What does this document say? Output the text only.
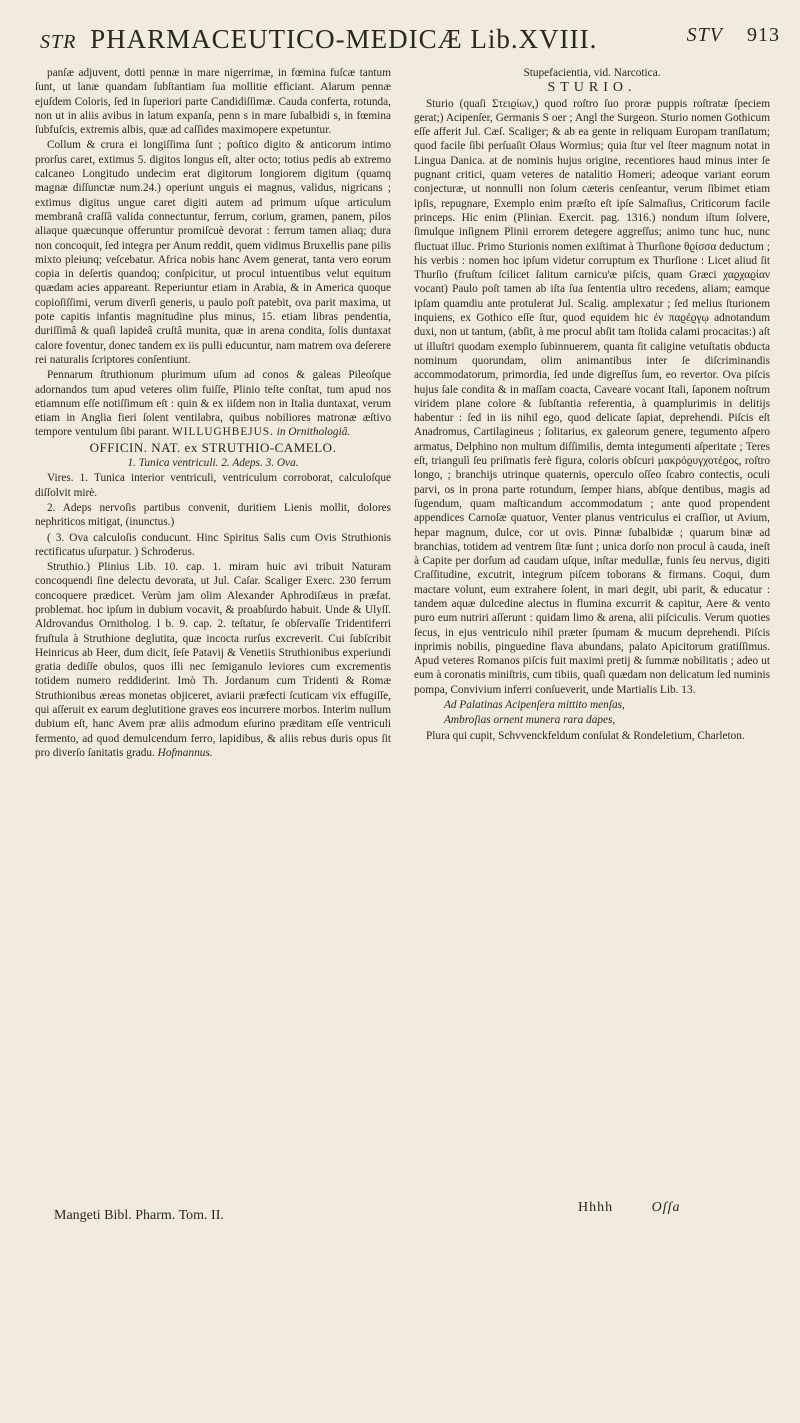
STR PHARMACEUTICO-MEDICÆ Lib.XVIII.	STV 913

panſæ adjuvent, dotti pennæ in mare nigerrimæ, in fœmina fuſcæ tantum ſunt, ut lanæ quandam ſubſtantiam ſua mollitie efficiant. Alarum pennæ ejuſdem Coloris, ſed in ſuperiori parte Candidiſſimæ. Cauda conferta, rotunda, non ut in aliis avibus in latum expanſa, penn s in mare ſubalbidi s, in fœmina ſubfuſcis, extremis albis, quæ ad caſſides maximopere expetuntur.

Collum & crura ei longiſſima ſunt ; poſtico digito & anticorum intimo prorſus caret, extimus 5. digitos longus eſt, alter octo; totius pedis ab extremo calcaneo Longitudo undecim erat digitorum longiorem digitum (quamq magnæ diſſunctæ num.24.) operiunt unguis ei magnus, validus, nigricans ; extimus digitus ungue caret digiti autem ad primum uſque articulum membranâ craſſâ valida connectuntur, ferrum, corium, gramen, panem, pilos aliaque quæcunque offeruntur promiſcuè devorat : ferrum tamen aliaq; dura non concoquit, ſed integra per Anum reddit, quem vidimus Bruxellis pane pilis mixto pleiunq; veſcebatur. Africa nobis hanc Avem generat, tanta vero eorum copia in deſertis quandoq; conſpicitur, ut procul intuentibus velut equitum quædam acies appareant. Reperiuntur etiam in Arabia, & in America quoque copioſiſſimi, verum diverſi generis, u paulo poſt patebit, ova parit maxima, ut pote capitis infantis magnitudine plus minus, 15. etiam libras pendentia, duriſſimâ & quaſi lapideâ cruſtâ munita, quæ in arena condita, ſolis duntaxat calore foventur, donec tandem ex iis pulli educuntur, nam matrem ova deſerere rei naturalis ſcriptores conſentiunt.

Pennarum ſtruthionum plurimum uſum ad conos & galeas Pileoſque adornandos tum apud veteres olim fuiſſe, Plinio teſte conſtat, tum apud nos etiamnum eſſe notiſſimum eſt : quin & ex iiſdem non in Italia duntaxat, verum etiam in Anglia fieri ſolent ventilabra, quibus nobiliores matronæ æſtivo tempore ventulum ſibi parant. WILLUGHBEJUS. in Ornithologiâ.

OFFICIN. NAT. ex STRUTHIO-CAMELO.

1. Tunica ventriculi. 2. Adeps. 3. Ova.

Vires. 1. Tunica interior ventriculi, ventriculum corroborat, calculoſque diſſolvit mirè.

2. Adeps nervoſis partibus convenit, duritiem Lienis mollit, dolores nephriticos mitigat, (inunctus.)

( 3. Ova calculoſis conducunt. Hinc Spiritus Salis cum Ovis Struthionis rectificatus uſurpatur. ) Schroderus.

Struthio.) Plinius Lib. 10. cap. 1. miram huic avi tribuit Naturam concoquendi ſine delectu devorata, ut Jul. Caſar. Scaliger Exerc. 230 ferrum concoquere prædicet. Verùm jam olim Alexander Aphrodiſæus in præfat. problemat. hoc ipſum in dubium vocavit, & proabſurdo habuit. Unde & Ulyſſ. Aldrovandus Ornitholog. l b. 9. cap. 2. teſtatur, ſe obſervaſſe Tridentiferri fruſtula à Struthione deglutita, quæ incocta rurſus excreverit. Cui ſubſcribit Heinricus ab Heer, dum dicit, ſeſe Patavij & Venetiis Struthionibus experiundi gratia dediſſe obulos, quos illi nec ſemiganulo leviores cum excrementis totidem numero reddiderint. Imò Th. Jordanum cum Tridenti & Romæ Struthionibus æreas monetas objiceret, aviarii præfecti ſcuticam vix effugiſſe, qui aſſeruit ex earum deglutitione graves eos incurrere morbos. Interim nullum dubium eſt, hanc Avem præ aliis admodum eſurino præditam eſſe ventriculi fermento, ad quod demulcendum ferro, lapidibus, & aliis rebus duris opus ſit pro diverſo ſanitatis gradu. Hofmannus.

Stupefacientia, vid. Narcotica.

STURIO.

Sturio (quaſi Στειϱίων,) quod roſtro ſuo proræ puppis roſtratæ ſpeciem gerat;) Acipenſer, Germanis S oer ; Angl the Surgeon. Sturio nomen Gothicum eſſe afferit Jul. Cæſ. Scaliger; & ab ea gente in reliquam Europam tranſlatum; quod facile ſibi perſuaſit Olaus Wormius; quia ſtur vel ſteer magnum notat in Lingua Danica. at de nominis hujus origine, recentiores haud minus inter ſe pugnant critici, quam veteres de natalitio Homeri; adeoque variant eorum conjecturæ, ut nonnulli non ſolum cæteris cenſeantur, verum ſibimet etiam ipſis, repugnare, Exemplo enim præſto eſt ipſe Salmaſius, Criticorum facile princeps. Hic enim (Plinian. Exercit. pag. 1316.) nondum iſtum ſolvere, ſimulque inſignem Plinii errorem detegere aggreſſus; animo tunc huc, nunc fluctuat illuc. Primo Sturionis nomen exiſtimat à Thurſione θϱίσσα deductum ; his verbis : nomen hoc ipſum videtur corruptum ex Thurſione : Licet aliud ſit Thurſio (fruſtum ſcilicet ſalitum carnicu'æ piſcis, quam Græci χαϱχαϱίαν vocant) Paulo poſt tamen ab iſta ſua ſententia ultro recedens, aliam; eamque ipſam quamdiu ante protulerat Jul. Scalig. amplexatur ; ſed melius ſturionem inquiens, ex Gothico eſſe ſtur, quod equidem hic ἐν παϱέϱγῳ adnotandum duxi, non ut tantum, (abſit, à me procul abſit tam ſtolida calami procacitas:) aſt ut illuſtri quodam exemplo ſubinnuerem, quanta ſit caligine vetuſtatis obducta nominum quorundam, olim animantibus inter ſe diſcriminandis accommodatorum, primordia, ſed unde digreſſus ſum, eo revertor. Ova piſcis hujus ſale condita & in maſſam coacta, Caveare vocant Itali, ſaponem noſtrum viridem plane colore & ſubſtantia referentia, à quamplurimis in delitijs habentur : ſed in iis nihil ego, quod delicate ſapiat, deprehendi. Piſcis eſt Anadromus, Cartilagineus ; ſolitarius, ex galeorum genere, tegumento aſpero armatus, Delphino non multum diſſimilis, demta integumenti aſperitate ; Teres eſt, triangulì ſeu priſmatis ferè figura, coloris obſcuri μακρόϱυγχοτέϱος, roſtro longo, ; branchijs utrinque quaternis, operculo oſſeo ſcabro contectis, oculi parvi, os in prona parte rotundum, ſemper hians, abſque dentibus, magis ad ſugendum, quam maſticandum accommodatum ; ante quod propendent appendices Carnoſæ quatuor, Venter planus ventriculus ei craſſior, ut Avium, hepar magnum, dulce, cor ut ovis. Pinnæ ſubalbidæ ; quarum binæ ad branchias, totidem ad ventrem ſitæ ſunt ; unica dorſo non procul à cauda, ineſt à Capite per dorſum ad caudam uſque, inſtar medullæ, funis ſeu nervus, digiti Craſſitudine, excutrit, integrum piſcem toborans & firmans. Coqui, dum mactare volunt, eum extrahere ſolent, in mari degit, ubi parit, & educatur : tandem aquæ dulcedine alectus in flumina excurrit & capitur, Aere & vento puro eum nutriri aſſerunt : quidam limo & arena, alii piſciculis. Verum quoties ſecus, in ejus ventriculo nihil præter ſpumam & mucum deprehendi. Piſcis inprimis nobilis, pinguedine flava abundans, palato Apicitorum gratiſſimus. Apud veteres Romanos piſcis fuit maximi pretij & ſummæ nobilitatis ; adeo ut eum à coronatis miniſtris, cum tibiis, quaſi quædam non delicatum ſed numinis pompa, Convivium inferri conſueverit, unde Martialis Lib. 13.

Ad Palatinas Acipenſera mittito menſas,

Ambroſias ornent munera rara dapes,

Plura qui cupit, Schvvenckfeldum conſulat & Rondeletium, Charleton.

Mangeti Bibl. Pharm. Tom. II.
Hhhh	Oſſa
